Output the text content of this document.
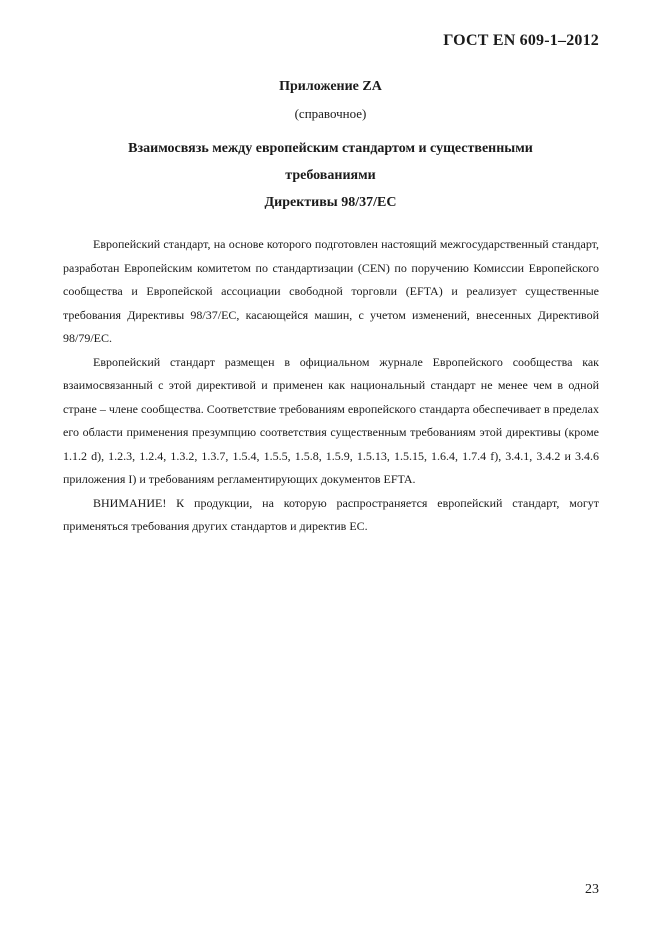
ГОСТ EN 609-1–2012
Приложение ZA
(справочное)
Взаимосвязь между европейским стандартом и существенными
требованиями
Директивы 98/37/ЕС

Европейский стандарт, на основе которого подготовлен настоящий межгосударственный стандарт, разработан Европейским комитетом по стандартизации (CEN) по поручению Комиссии Европейского сообщества и Европейской ассоциации свободной торговли (EFTA) и реализует существенные требования Директивы 98/37/ЕС, касающейся машин, с учетом изменений, внесенных Директивой 98/79/ЕС.

Европейский стандарт размещен в официальном журнале Европейского сообщества как взаимосвязанный с этой директивой и применен как национальный стандарт не менее чем в одной стране – члене сообщества. Соответствие требованиям европейского стандарта обеспечивает в пределах его области применения презумпцию соответствия существенным требованиям этой директивы (кроме 1.1.2 d), 1.2.3, 1.2.4, 1.3.2, 1.3.7, 1.5.4, 1.5.5, 1.5.8, 1.5.9, 1.5.13, 1.5.15, 1.6.4, 1.7.4 f), 3.4.1, 3.4.2 и 3.4.6 приложения I) и требованиям регламентирующих документов EFTA.

ВНИМАНИЕ! К продукции, на которую распространяется европейский стандарт, могут применяться требования других стандартов и директив ЕС.

23
